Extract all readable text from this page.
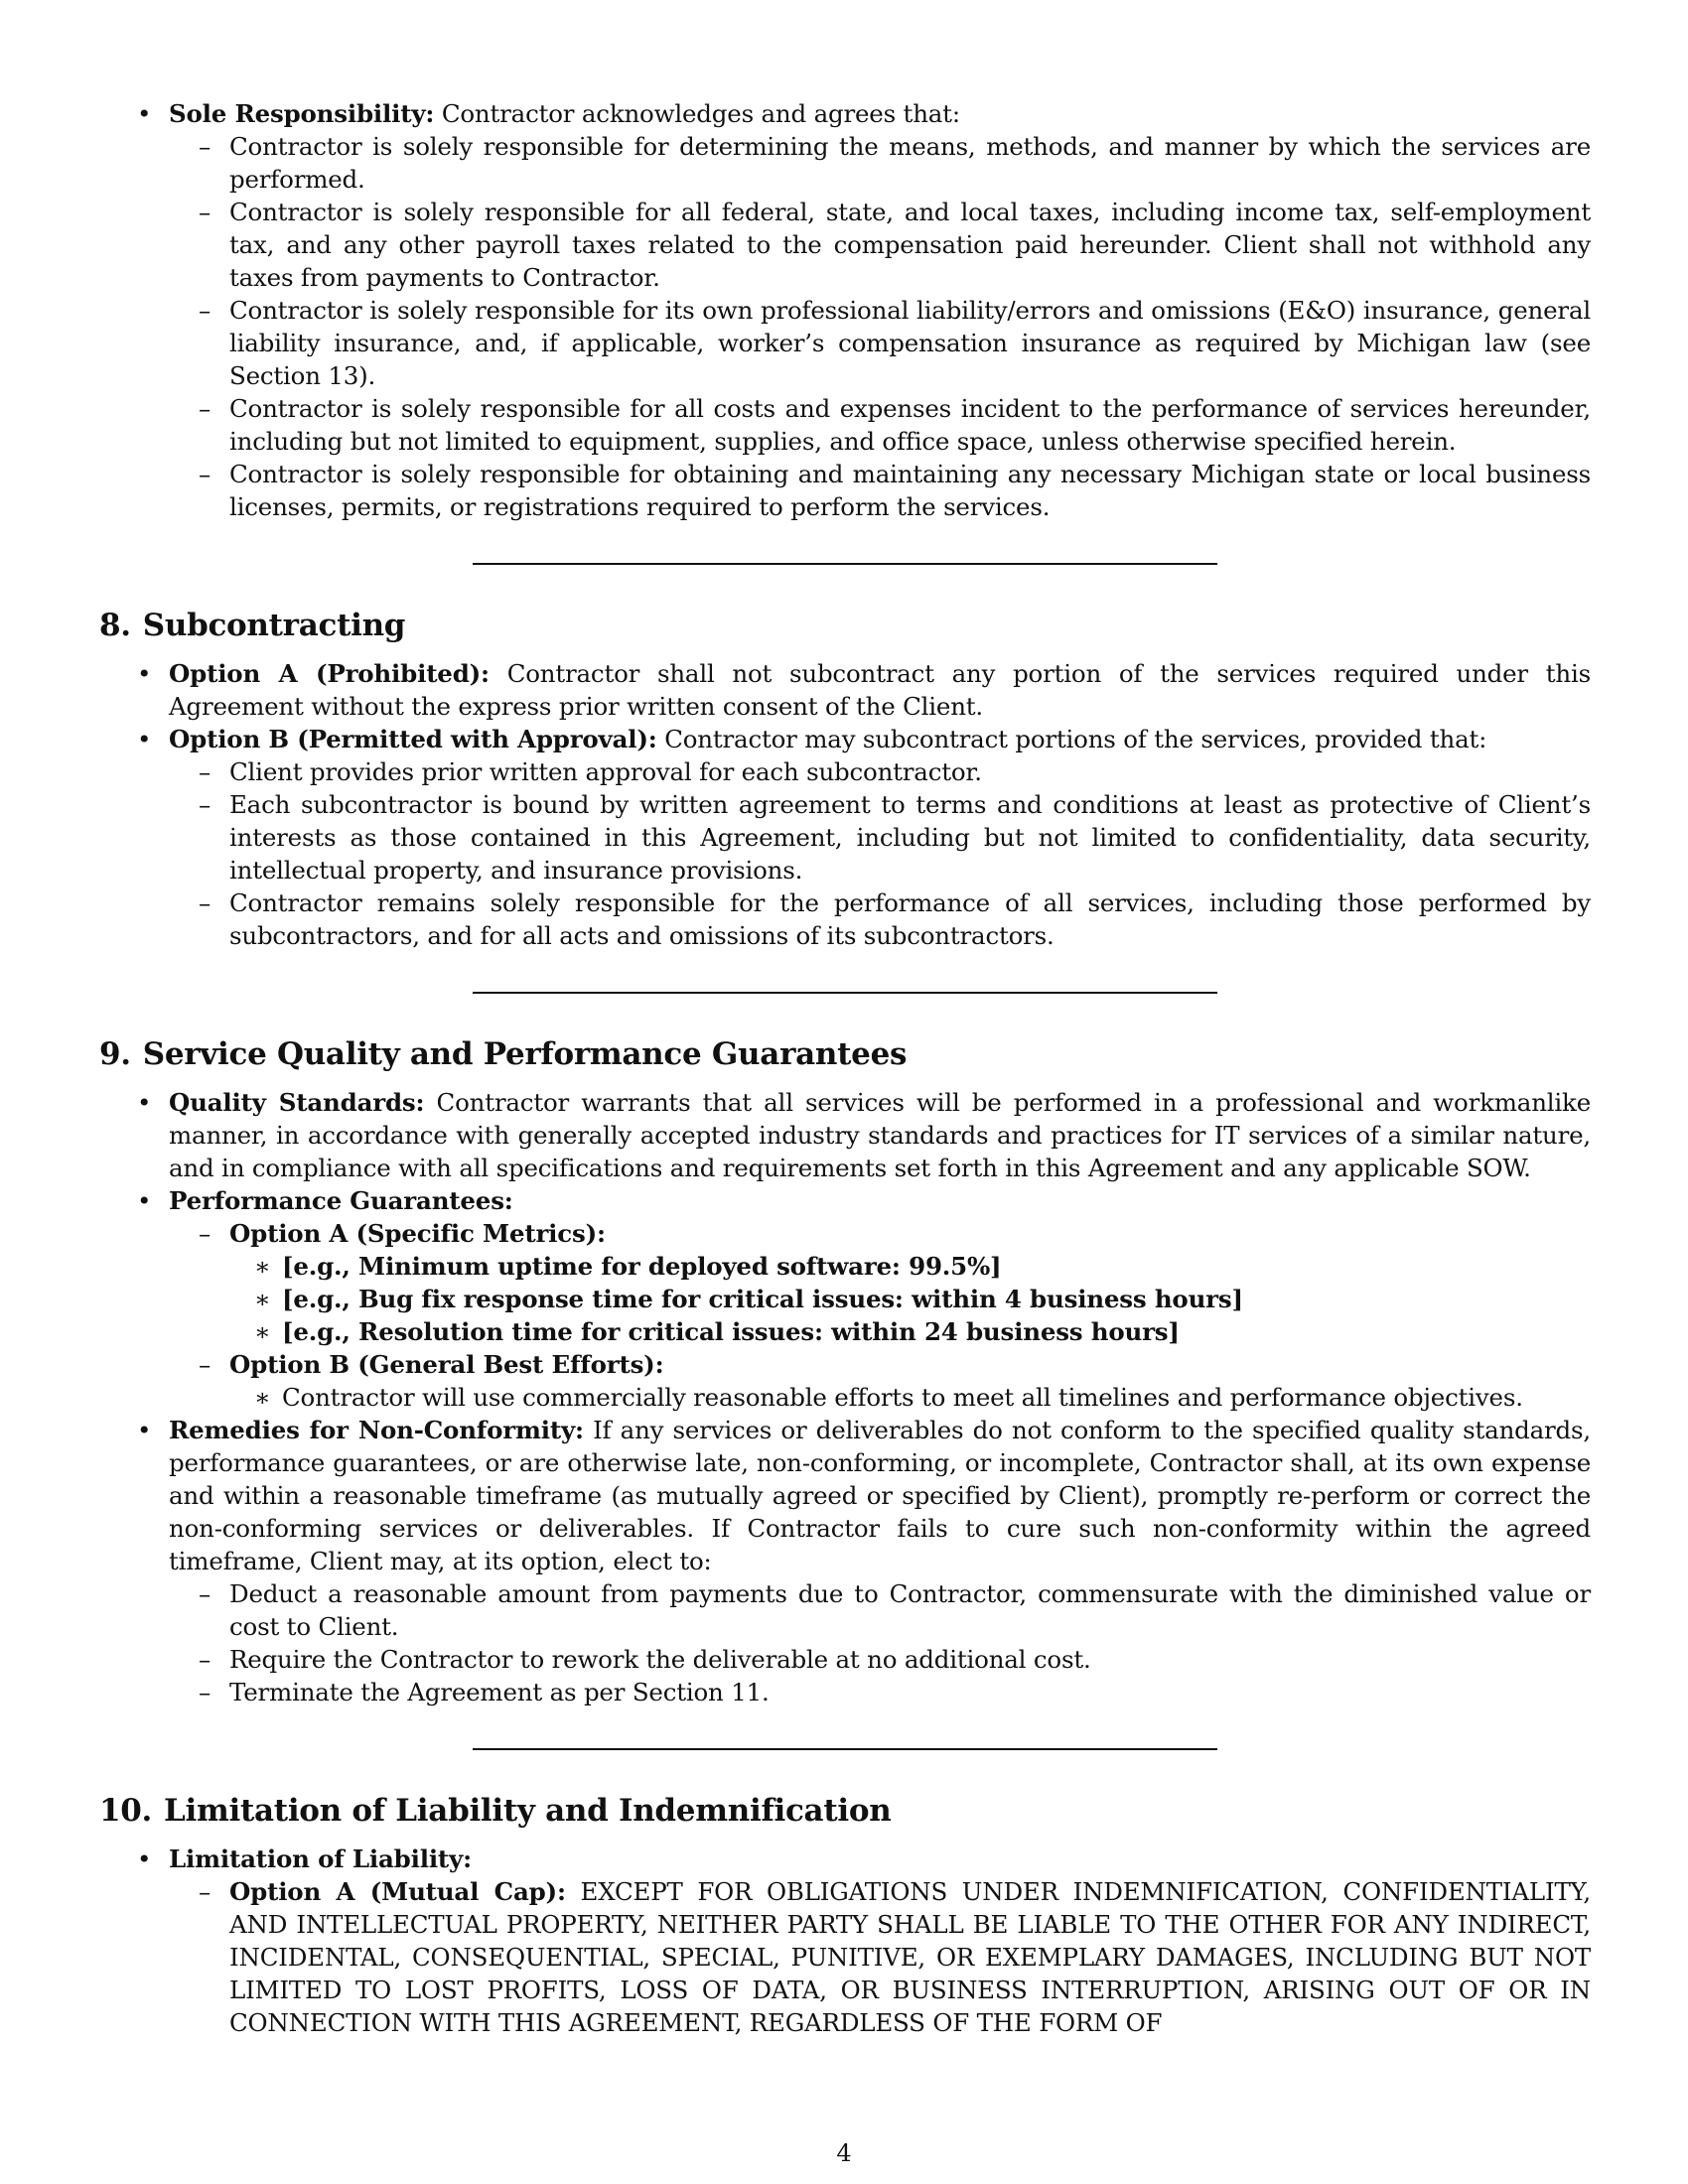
• Sole Responsibility: Contractor acknowledges and agrees that:
– Contractor is solely responsible for determining the means, methods, and manner by which the services are performed.
– Contractor is solely responsible for all federal, state, and local taxes, including income tax, self-employment tax, and any other payroll taxes related to the compensation paid hereunder. Client shall not withhold any taxes from payments to Contractor.
– Contractor is solely responsible for its own professional liability/errors and omissions (E&O) insurance, general liability insurance, and, if applicable, worker’s compensation insurance as required by Michigan law (see Section 13).
– Contractor is solely responsible for all costs and expenses incident to the performance of services hereunder, including but not limited to equipment, supplies, and office space, unless otherwise specified herein.
– Contractor is solely responsible for obtaining and maintaining any necessary Michigan state or local business licenses, permits, or registrations required to perform the services.
8. Subcontracting
• Option A (Prohibited): Contractor shall not subcontract any portion of the services required under this Agreement without the express prior written consent of the Client.
• Option B (Permitted with Approval): Contractor may subcontract portions of the services, provided that:
– Client provides prior written approval for each subcontractor.
– Each subcontractor is bound by written agreement to terms and conditions at least as protective of Client’s interests as those contained in this Agreement, including but not limited to confidentiality, data security, intellectual property, and insurance provisions.
– Contractor remains solely responsible for the performance of all services, including those performed by subcontractors, and for all acts and omissions of its subcontractors.
9. Service Quality and Performance Guarantees
• Quality Standards: Contractor warrants that all services will be performed in a professional and workmanlike manner, in accordance with generally accepted industry standards and practices for IT services of a similar nature, and in compliance with all specifications and requirements set forth in this Agreement and any applicable SOW.
• Performance Guarantees:
– Option A (Specific Metrics):
∗ [e.g., Minimum uptime for deployed software: 99.5%]
∗ [e.g., Bug fix response time for critical issues: within 4 business hours]
∗ [e.g., Resolution time for critical issues: within 24 business hours]
– Option B (General Best Efforts):
∗ Contractor will use commercially reasonable efforts to meet all timelines and performance objectives.
• Remedies for Non-Conformity: If any services or deliverables do not conform to the specified quality standards, performance guarantees, or are otherwise late, non-conforming, or incomplete, Contractor shall, at its own expense and within a reasonable timeframe (as mutually agreed or specified by Client), promptly re-perform or correct the non-conforming services or deliverables. If Contractor fails to cure such non-conformity within the agreed timeframe, Client may, at its option, elect to:
– Deduct a reasonable amount from payments due to Contractor, commensurate with the diminished value or cost to Client.
– Require the Contractor to rework the deliverable at no additional cost.
– Terminate the Agreement as per Section 11.
10. Limitation of Liability and Indemnification
• Limitation of Liability:
– Option A (Mutual Cap): EXCEPT FOR OBLIGATIONS UNDER INDEMNIFICATION, CONFIDENTIALITY, AND INTELLECTUAL PROPERTY, NEITHER PARTY SHALL BE LIABLE TO THE OTHER FOR ANY INDIRECT, INCIDENTAL, CONSEQUENTIAL, SPECIAL, PUNITIVE, OR EXEMPLARY DAMAGES, INCLUDING BUT NOT LIMITED TO LOST PROFITS, LOSS OF DATA, OR BUSINESS INTERRUPTION, ARISING OUT OF OR IN CONNECTION WITH THIS AGREEMENT, REGARDLESS OF THE FORM OF
4
